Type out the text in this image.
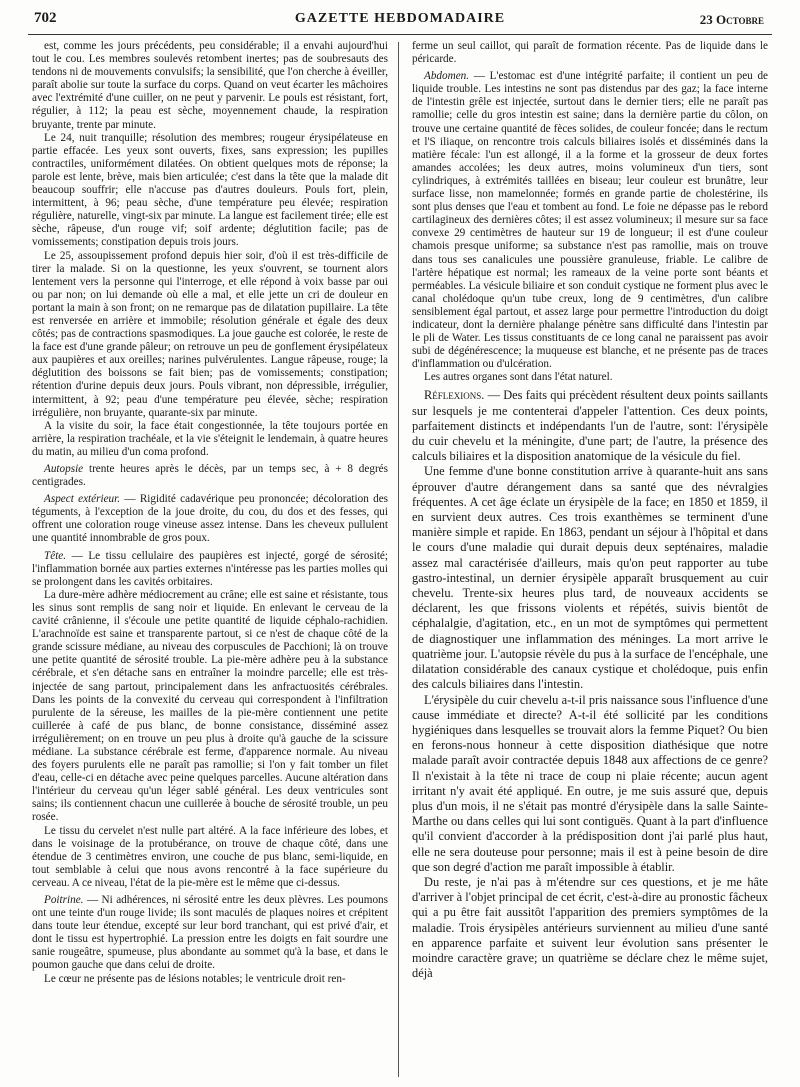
702	GAZETTE HEBDOMADAIRE	23 Octobre

est, comme les jours précédents, peu considérable; il a envahi aujourd'hui tout le cou. Les membres soulevés retombent inertes; pas de soubresauts des tendons ni de mouvements convulsifs; la sensibilité, que l'on cherche à éveiller, paraît abolie sur toute la surface du corps. Quand on veut écarter les mâchoires avec l'extrémité d'une cuiller, on ne peut y parvenir. Le pouls est résistant, fort, régulier, à 112; la peau est sèche, moyennement chaude, la respiration bruyante, trente par minute.

Le 24, nuit tranquille; résolution des membres; rougeur érysipélateuse en partie effacée. Les yeux sont ouverts, fixes, sans expression; les pupilles contractiles, uniformément dilatées. On obtient quelques mots de réponse; la parole est lente, brève, mais bien articulée; c'est dans la tête que la malade dit beaucoup souffrir; elle n'accuse pas d'autres douleurs. Pouls fort, plein, intermittent, à 96; peau sèche, d'une température peu élevée; respiration régulière, naturelle, vingt-six par minute. La langue est facilement tirée; elle est sèche, râpeuse, d'un rouge vif; soif ardente; déglutition facile; pas de vomissements; constipation depuis trois jours.

Le 25, assoupissement profond depuis hier soir, d'où il est très-difficile de tirer la malade. Si on la questionne, les yeux s'ouvrent, se tournent alors lentement vers la personne qui l'interroge, et elle répond à voix basse par oui ou par non; on lui demande où elle a mal, et elle jette un cri de douleur en portant la main à son front; on ne remarque pas de dilatation pupillaire. La tête est renversée en arrière et immobile; résolution générale et égale des deux côtés; pas de contractions spasmodiques. La joue gauche est colorée, le reste de la face est d'une grande pâleur; on retrouve un peu de gonflement érysipélateux aux paupières et aux oreilles; narines pulvérulentes. Langue râpeuse, rouge; la déglutition des boissons se fait bien; pas de vomissements; constipation; rétention d'urine depuis deux jours. Pouls vibrant, non dépressible, irrégulier, intermittent, à 92; peau d'une température peu élevée, sèche; respiration irrégulière, non bruyante, quarante-six par minute.

A la visite du soir, la face était congestionnée, la tête toujours portée en arrière, la respiration trachéale, et la vie s'éteignit le lendemain, à quatre heures du matin, au milieu d'un coma profond.

Autopsie trente heures après le décès, par un temps sec, à + 8 degrés centigrades.

Aspect extérieur. — Rigidité cadavérique peu prononcée; décoloration des téguments, à l'exception de la joue droite, du cou, du dos et des fesses, qui offrent une coloration rouge vineuse assez intense. Dans les cheveux pullulent une quantité innombrable de gros poux.

Tête. — Le tissu cellulaire des paupières est injecté, gorgé de sérosité; l'inflammation bornée aux parties externes n'intéresse pas les parties molles qui se prolongent dans les cavités orbitaires.

La dure-mère adhère médiocrement au crâne; elle est saine et résistante, tous les sinus sont remplis de sang noir et liquide. En enlevant le cerveau de la cavité crânienne, il s'écoule une petite quantité de liquide céphalo-rachidien. L'arachnoïde est saine et transparente partout, si ce n'est de chaque côté de la grande scissure médiane, au niveau des corpuscules de Pacchioni; là on trouve une petite quantité de sérosité trouble. La pie-mère adhère peu à la substance cérébrale, et s'en détache sans en entraîner la moindre parcelle; elle est très-injectée de sang partout, principalement dans les anfractuosités cérébrales. Dans les points de la convexité du cerveau qui correspondent à l'infiltration purulente de la séreuse, les mailles de la pie-mère contiennent une petite cuillerée à café de pus blanc, de bonne consistance, disséminé assez irrégulièrement; on en trouve un peu plus à droite qu'à gauche de la scissure médiane. La substance cérébrale est ferme, d'apparence normale. Au niveau des foyers purulents elle ne paraît pas ramollie; si l'on y fait tomber un filet d'eau, celle-ci en détache avec peine quelques parcelles. Aucune altération dans l'intérieur du cerveau qu'un léger sablé général. Les deux ventricules sont sains; ils contiennent chacun une cuillerée à bouche de sérosité trouble, un peu rosée.

Le tissu du cervelet n'est nulle part altéré. A la face inférieure des lobes, et dans le voisinage de la protubérance, on trouve de chaque côté, dans une étendue de 3 centimètres environ, une couche de pus blanc, semi-liquide, en tout semblable à celui que nous avons rencontré à la face supérieure du cerveau. A ce niveau, l'état de la pie-mère est le même que ci-dessus.

Poitrine. — Ni adhérences, ni sérosité entre les deux plèvres. Les poumons ont une teinte d'un rouge livide; ils sont maculés de plaques noires et crépitent dans toute leur étendue, excepté sur leur bord tranchant, qui est privé d'air, et dont le tissu est hypertrophié. La pression entre les doigts en fait sourdre une sanie rougeâtre, spumeuse, plus abondante au sommet qu'à la base, et dans le poumon gauche que dans celui de droite.

Le cœur ne présente pas de lésions notables; le ventricule droit ren-

ferme un seul caillot, qui paraît de formation récente. Pas de liquide dans le péricarde.

Abdomen. — L'estomac est d'une intégrité parfaite; il contient un peu de liquide trouble. Les intestins ne sont pas distendus par des gaz; la face interne de l'intestin grêle est injectée, surtout dans le dernier tiers; elle ne paraît pas ramollie; celle du gros intestin est saine; dans la dernière partie du côlon, on trouve une certaine quantité de fèces solides, de couleur foncée; dans le rectum et l'S iliaque, on rencontre trois calculs biliaires isolés et disséminés dans la matière fécale: l'un est allongé, il a la forme et la grosseur de deux fortes amandes accolées; les deux autres, moins volumineux d'un tiers, sont cylindriques, à extrémités taillées en biseau; leur couleur est brunâtre, leur surface lisse, non mamelonnée; formés en grande partie de cholestérine, ils sont plus denses que l'eau et tombent au fond. Le foie ne dépasse pas le rebord cartilagineux des dernières côtes; il est assez volumineux; il mesure sur sa face convexe 29 centimètres de hauteur sur 19 de longueur; il est d'une couleur chamois presque uniforme; sa substance n'est pas ramollie, mais on trouve dans tous ses canalicules une poussière granuleuse, friable. Le calibre de l'artère hépatique est normal; les rameaux de la veine porte sont béants et perméables. La vésicule biliaire et son conduit cystique ne forment plus avec le canal cholédoque qu'un tube creux, long de 9 centimètres, d'un calibre sensiblement égal partout, et assez large pour permettre l'introduction du doigt indicateur, dont la dernière phalange pénètre sans difficulté dans l'intestin par le pli de Water. Les tissus constituants de ce long canal ne paraissent pas avoir subi de dégénérescence; la muqueuse est blanche, et ne présente pas de traces d'inflammation ou d'ulcération.

Les autres organes sont dans l'état naturel.

Réflexions. — Des faits qui précèdent résultent deux points saillants sur lesquels je me contenterai d'appeler l'attention. Ces deux points, parfaitement distincts et indépendants l'un de l'autre, sont: l'érysipèle du cuir chevelu et la méningite, d'une part; de l'autre, la présence des calculs biliaires et la disposition anatomique de la vésicule du fiel.

Une femme d'une bonne constitution arrive à quarante-huit ans sans éprouver d'autre dérangement dans sa santé que des névralgies fréquentes. A cet âge éclate un érysipèle de la face; en 1850 et 1859, il en survient deux autres. Ces trois exanthèmes se terminent d'une manière simple et rapide. En 1863, pendant un séjour à l'hôpital et dans le cours d'une maladie qui durait depuis deux septénaires, maladie assez mal caractérisée d'ailleurs, mais qu'on peut rapporter au tube gastro-intestinal, un dernier érysipèle apparaît brusquement au cuir chevelu. Trente-six heures plus tard, de nouveaux accidents se déclarent, les que frissons violents et répétés, suivis bientôt de céphalalgie, d'agitation, etc., en un mot de symptômes qui permettent de diagnostiquer une inflammation des méninges. La mort arrive le quatrième jour. L'autopsie révèle du pus à la surface de l'encéphale, une dilatation considérable des canaux cystique et cholédoque, puis enfin des calculs biliaires dans l'intestin.

L'érysipèle du cuir chevelu a-t-il pris naissance sous l'influence d'une cause immédiate et directe? A-t-il été sollicité par les conditions hygiéniques dans lesquelles se trouvait alors la femme Piquet? Ou bien en ferons-nous honneur à cette disposition diathésique que notre malade paraît avoir contractée depuis 1848 aux affections de ce genre? Il n'existait à la tête ni trace de coup ni plaie récente; aucun agent irritant n'y avait été appliqué. En outre, je me suis assuré que, depuis plus d'un mois, il ne s'était pas montré d'érysipèle dans la salle Sainte-Marthe ou dans celles qui lui sont contiguës. Quant à la part d'influence qu'il convient d'accorder à la prédisposition dont j'ai parlé plus haut, elle ne sera douteuse pour personne; mais il est à peine besoin de dire que son degré d'action me paraît impossible à établir.

Du reste, je n'ai pas à m'étendre sur ces questions, et je me hâte d'arriver à l'objet principal de cet écrit, c'est-à-dire au pronostic fâcheux qui a pu être fait aussitôt l'apparition des premiers symptômes de la maladie. Trois érysipèles antérieurs surviennent au milieu d'une santé en apparence parfaite et suivent leur évolution sans présenter le moindre caractère grave; un quatrième se déclare chez le même sujet, déjà
